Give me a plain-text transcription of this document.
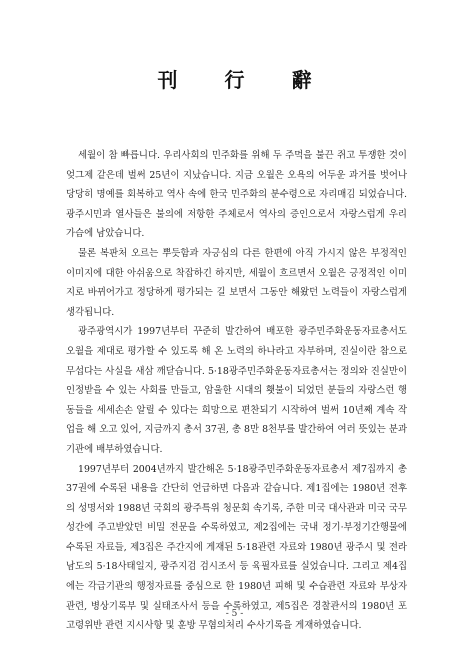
刊 行 辭

세월이 참 빠릅니다. 우리사회의 민주화를 위해 두 주먹을 불끈 쥐고 투쟁한 것이 엊그제 같은데 벌써 25년이 지났습니다. 지금 오월은 오욕의 어두운 과거를 벗어나 당당히 명예를 회복하고 역사 속에 한국 민주화의 분수령으로 자리매김 되었습니다. 광주시민과 열사들은 불의에 저항한 주체로서 역사의 증인으로서 자랑스럽게 우리 가슴에 남았습니다.

물론 복판처 오르는 뿌듯함과 자긍심의 다른 한편에 아직 가시지 않은 부정적인 이미지에 대한 아쉬움으로 착잡하긴 하지만, 세월이 흐르면서 오월은 긍정적인 이미지로 바뀌어가고 정당하게 평가되는 길 보면서 그동안 해왔던 노력들이 자랑스럽게 생각됩니다.

광주광역시가 1997년부터 꾸준히 발간하여 배포한 광주민주화운동자료총서도 오월을 제대로 평가할 수 있도록 해 온 노력의 하나라고 자부하며, 진실이란 참으로 무섭다는 사실을 새삼 깨닫습니다. 5·18광주민주화운동자료총서는 정의와 진실만이 인정받을 수 있는 사회를 만들고, 암울한 시대의 횃불이 되었던 분들의 자랑스런 행동들을 세세손손 알릴 수 있다는 희망으로 편찬되기 시작하여 벌써 10년째 계속 작업을 해 오고 있어, 지금까지 총서 37권, 총 8만 8천부를 발간하여 여러 뜻있는 분과 기관에 배부하였습니다.

1997년부터 2004년까지 발간해온 5·18광주민주화운동자료총서 제7집까지 총 37권에 수록된 내용을 간단히 언급하면 다음과 같습니다. 제1집에는 1980년 전후의 성명서와 1988년 국회의 광주특위 청문회 속기록, 주한 미국 대사관과 미국 국무성간에 주고받았던 비밀 전문을 수록하였고, 제2집에는 국내 정기·부정기간행물에 수록된 자료들, 제3집은 주간지에 게재된 5·18관련 자료와 1980년 광주시 및 전라남도의 5·18사태일지, 광주지검 검시조서 등 육필자료를 실었습니다. 그리고 제4집에는 각급기관의 행정자료를 중심으로 한 1980년 피해 및 수습관련 자료와 부상자 관련, 병상기록부 및 실태조사서 등을 수록하였고, 제5집은 경찰관서의 1980년 포고령위반 관련 지시사항 및 훈방 무혐의처리 수사기록을 게재하였습니다.

- 5 -
